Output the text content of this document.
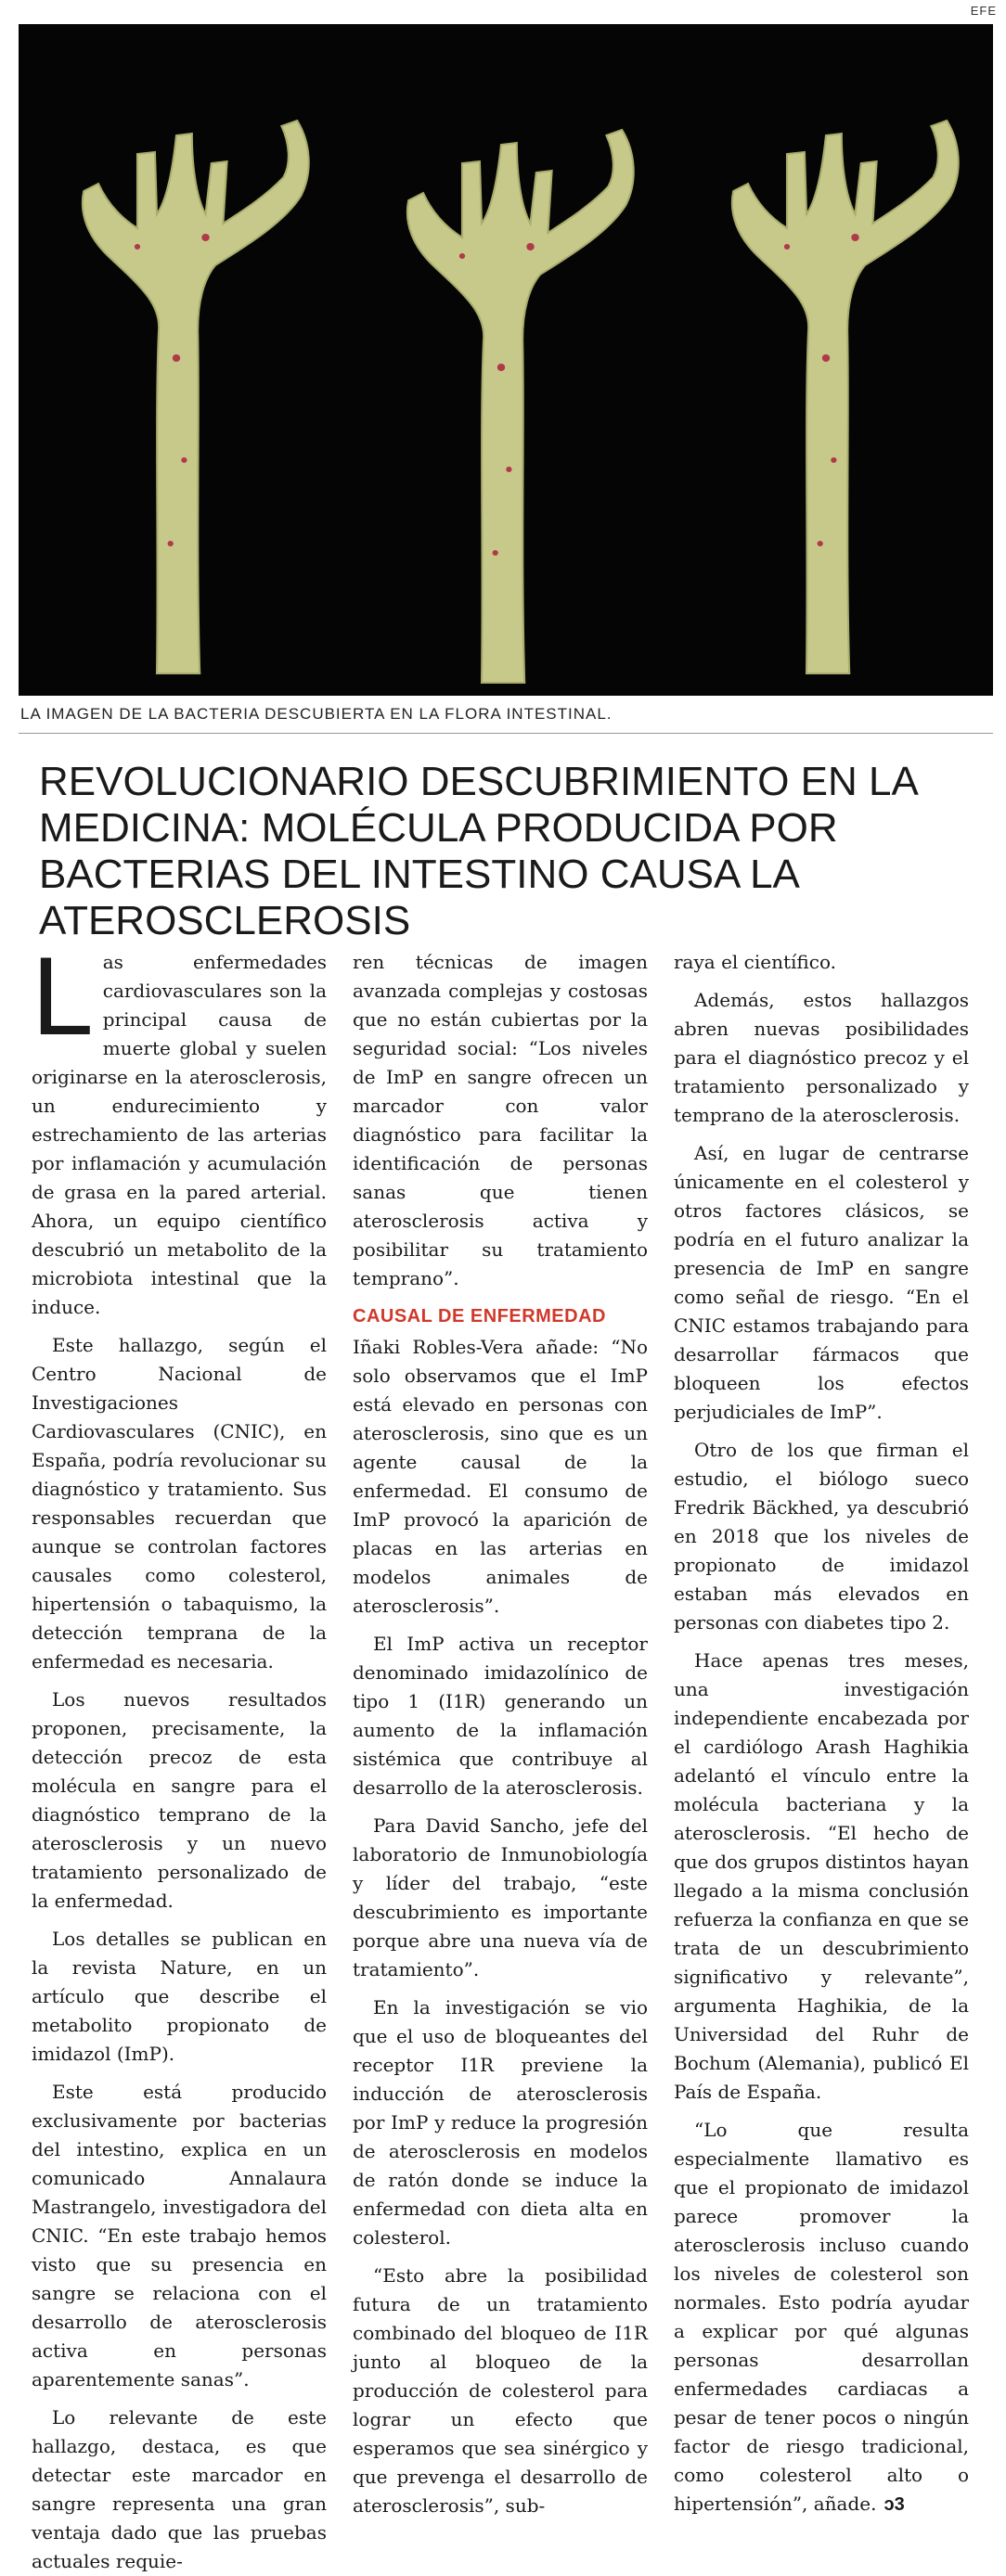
EFE
LA IMAGEN DE LA BACTERIA DESCUBIERTA EN LA FLORA INTESTINAL.
REVOLUCIONARIO DESCUBRIMIENTO EN LA MEDICINA: MOLÉCULA PRODUCIDA POR BACTERIAS DEL INTESTINO CAUSA LA ATEROSCLEROSIS

Las enfermedades cardiovasculares son la principal causa de muerte global y suelen originarse en la aterosclerosis, un endurecimiento y estrechamiento de las arterias por inflamación y acumulación de grasa en la pared arterial. Ahora, un equipo científico descubrió un metabolito de la microbiota intestinal que la induce.

Este hallazgo, según el Centro Nacional de Investigaciones Cardiovasculares (CNIC), en España, podría revolucionar su diagnóstico y tratamiento. Sus responsables recuerdan que aunque se controlan factores causales como colesterol, hipertensión o tabaquismo, la detección temprana de la enfermedad es necesaria.

Los nuevos resultados proponen, precisamente, la detección precoz de esta molécula en sangre para el diagnóstico temprano de la aterosclerosis y un nuevo tratamiento personalizado de la enfermedad.

Los detalles se publican en la revista Nature, en un artículo que describe el metabolito propionato de imidazol (ImP).

Este está producido exclusivamente por bacterias del intestino, explica en un comunicado Annalaura Mastrangelo, investigadora del CNIC. “En este trabajo hemos visto que su presencia en sangre se relaciona con el desarrollo de aterosclerosis activa en personas aparentemente sanas”.

Lo relevante de este hallazgo, destaca, es que detectar este marcador en sangre representa una gran ventaja dado que las pruebas actuales requie-

ren técnicas de imagen avanzada complejas y costosas que no están cubiertas por la seguridad social: “Los niveles de ImP en sangre ofrecen un marcador con valor diagnóstico para facilitar la identificación de personas sanas que tienen aterosclerosis activa y posibilitar su tratamiento temprano”.

CAUSAL DE ENFERMEDAD

Iñaki Robles-Vera añade: “No solo observamos que el ImP está elevado en personas con aterosclerosis, sino que es un agente causal de la enfermedad. El consumo de ImP provocó la aparición de placas en las arterias en modelos animales de aterosclerosis”.

El ImP activa un receptor denominado imidazolínico de tipo 1 (I1R) generando un aumento de la inflamación sistémica que contribuye al desarrollo de la aterosclerosis.

Para David Sancho, jefe del laboratorio de Inmunobiología y líder del trabajo, “este descubrimiento es importante porque abre una nueva vía de tratamiento”.

En la investigación se vio que el uso de bloqueantes del receptor I1R previene la inducción de aterosclerosis por ImP y reduce la progresión de aterosclerosis en modelos de ratón donde se induce la enfermedad con dieta alta en colesterol.

“Esto abre la posibilidad futura de un tratamiento combinado del bloqueo de I1R junto al bloqueo de la producción de colesterol para lograr un efecto que esperamos que sea sinérgico y que prevenga el desarrollo de aterosclerosis”, sub-

raya el científico.

Además, estos hallazgos abren nuevas posibilidades para el diagnóstico precoz y el tratamiento personalizado y temprano de la aterosclerosis.

Así, en lugar de centrarse únicamente en el colesterol y otros factores clásicos, se podría en el futuro analizar la presencia de ImP en sangre como señal de riesgo. “En el CNIC estamos trabajando para desarrollar fármacos que bloqueen los efectos perjudiciales de ImP”.

Otro de los que firman el estudio, el biólogo sueco Fredrik Bäckhed, ya descubrió en 2018 que los niveles de propionato de imidazol estaban más elevados en personas con diabetes tipo 2.

Hace apenas tres meses, una investigación independiente encabezada por el cardiólogo Arash Haghikia adelantó el vínculo entre la molécula bacteriana y la aterosclerosis. “El hecho de que dos grupos distintos hayan llegado a la misma conclusión refuerza la confianza en que se trata de un descubrimiento significativo y relevante”, argumenta Haghikia, de la Universidad del Ruhr de Bochum (Alemania), publicó El País de España.

“Lo que resulta especialmente llamativo es que el propionato de imidazol parece promover la aterosclerosis incluso cuando los niveles de colesterol son normales. Esto podría ayudar a explicar por qué algunas personas desarrollan enfermedades cardiacas a pesar de tener pocos o ningún factor de riesgo tradicional, como colesterol alto o hipertensión”, añade. ↄ3
